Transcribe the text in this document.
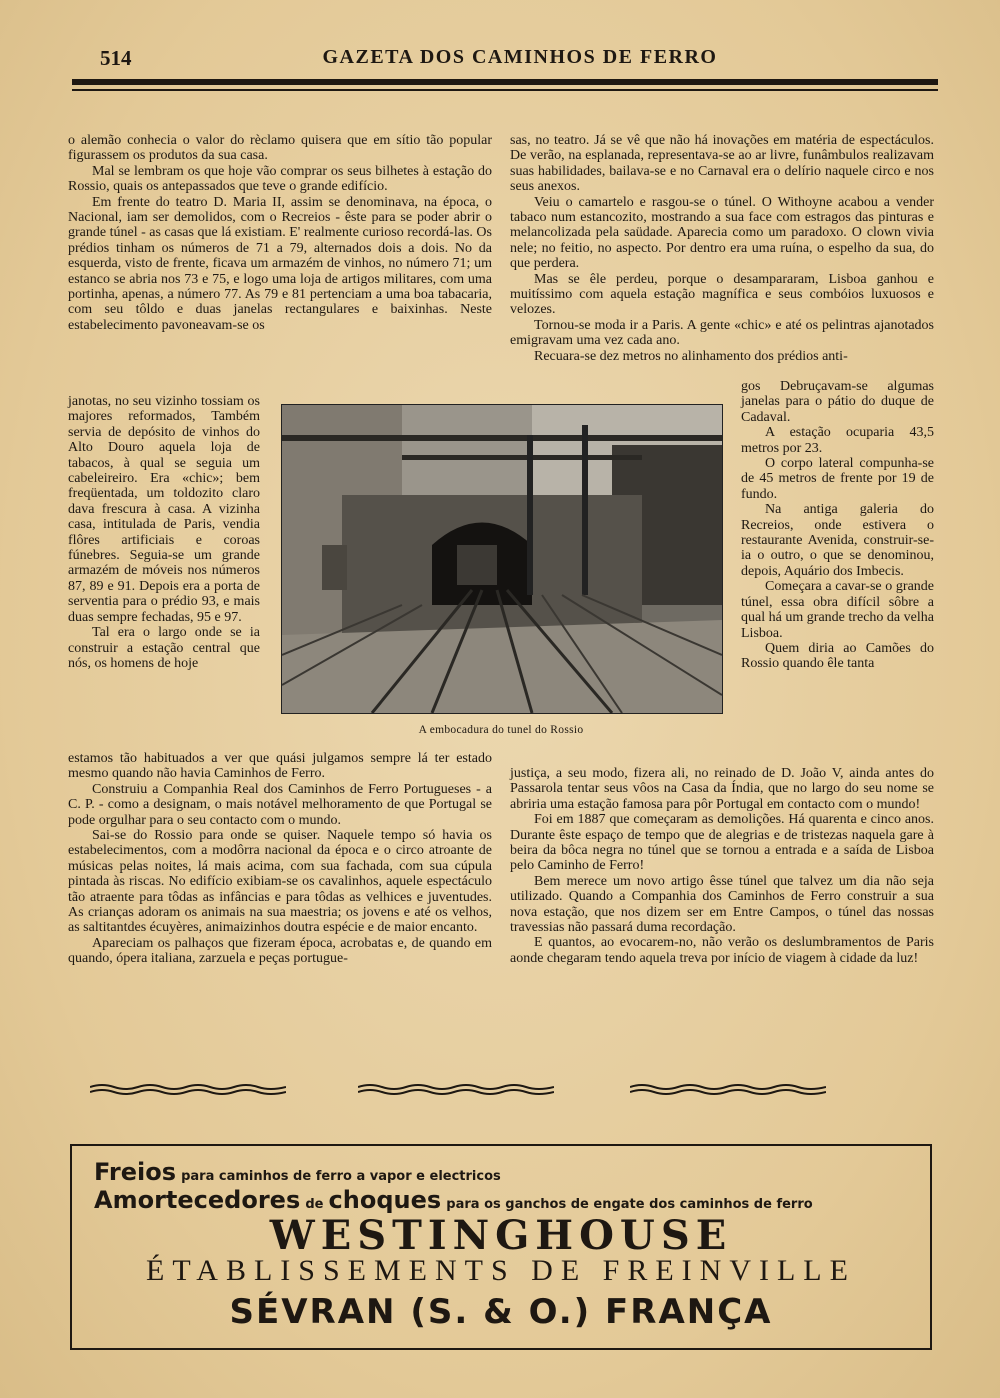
514	GAZETA DOS CAMINHOS DE FERRO

o alemão conhecia o valor do rèclamo quisera que em sítio tão popular figurassem os produtos da sua casa.

Mal se lembram os que hoje vão comprar os seus bilhetes à estação do Rossio, quais os antepassados que teve o grande edifício.

Em frente do teatro D. Maria II, assim se denominava, na época, o Nacional, iam ser demolidos, com o Recreios - êste para se poder abrir o grande túnel - as casas que lá existiam. E' realmente curioso recordá-las. Os prédios tinham os números de 71 a 79, alternados dois a dois. No da esquerda, visto de frente, ficava um armazém de vinhos, no número 71; um estanco se abria nos 73 e 75, e logo uma loja de artigos militares, com uma portinha, apenas, a número 77. As 79 e 81 pertenciam a uma boa tabacaria, com seu tôldo e duas janelas rectangulares e baixinhas. Neste estabelecimento pavoneavam-se os

janotas, no seu vizinho tossiam os majores reformados, Também servia de depósito de vinhos do Alto Douro aquela loja de tabacos, à qual se seguia um cabeleireiro. Era «chic»; bem freqüentada, um toldozito claro dava frescura à casa. A vizinha casa, intitulada de Paris, vendia flôres artificiais e coroas fúnebres. Seguia-se um grande armazém de móveis nos números 87, 89 e 91. Depois era a porta de serventia para o prédio 93, e mais duas sempre fechadas, 95 e 97.

Tal era o largo onde se ia construir a estação central que nós, os homens de hoje

estamos tão habituados a ver que quási julgamos sempre lá ter estado mesmo quando não havia Caminhos de Ferro.

Construiu a Companhia Real dos Caminhos de Ferro Portugueses - a C. P. - como a designam, o mais notável melhoramento de que Portugal se pode orgulhar para o seu contacto com o mundo.

Sai-se do Rossio para onde se quiser. Naquele tempo só havia os estabelecimentos, com a modôrra nacional da época e o circo atroante de músicas pelas noites, lá mais acima, com sua fachada, com sua cúpula pintada às riscas. No edifício exibiam-se os cavalinhos, aquele espectáculo tão atraente para tôdas as infâncias e para tôdas as velhices e juventudes. As crianças adoram os animais na sua maestria; os jovens e até os velhos, as saltitantdes écuyères, animaizinhos doutra espécie e de maior encanto.

Apareciam os palhaços que fizeram época, acrobatas e, de quando em quando, ópera italiana, zarzuela e peças portugue-

sas, no teatro. Já se vê que não há inovações em matéria de espectáculos. De verão, na esplanada, representava-se ao ar livre, funâmbulos realizavam suas habilidades, bailava-se e no Carnaval era o delírio naquele circo e nos seus anexos.

Veiu o camartelo e rasgou-se o túnel. O Withoyne acabou a vender tabaco num estancozito, mostrando a sua face com estragos das pinturas e melancolizada pela saüdade. Aparecia como um paradoxo. O clown vivia nele; no feitio, no aspecto. Por dentro era uma ruína, o espelho da sua, do que perdera.

Mas se êle perdeu, porque o desampararam, Lisboa ganhou e muitíssimo com aquela estação magnífica e seus combóios luxuosos e velozes.

Tornou-se moda ir a Paris. A gente «chic» e até os pelintras ajanotados emigravam uma vez cada ano.

Recuara-se dez metros no alinhamento dos prédios anti-

gos Debruçavam-se algumas janelas para o pátio do duque de Cadaval.

A estação ocuparia 43,5 metros por 23.

O corpo lateral compunha-se de 45 metros de frente por 19 de fundo.

Na antiga galeria do Recreios, onde estivera o restaurante Avenida, construir-se-ia o outro, o que se denominou, depois, Aquário dos Imbecis.

Começara a cavar-se o grande túnel, essa obra difícil sôbre a qual há um grande trecho da velha Lisboa.

Quem diria ao Camões do Rossio quando êle tanta

justiça, a seu modo, fizera ali, no reinado de D. João V, ainda antes do Passarola tentar seus vôos na Casa da Índia, que no largo do seu nome se abriria uma estação famosa para pôr Portugal em contacto com o mundo!

Foi em 1887 que começaram as demolições. Há quarenta e cinco anos. Durante êste espaço de tempo que de alegrias e de tristezas naquela gare à beira da bôca negra no túnel que se tornou a entrada e a saída de Lisboa pelo Caminho de Ferro!

Bem merece um novo artigo êsse túnel que talvez um dia não seja utilizado. Quando a Companhia dos Caminhos de Ferro construir a sua nova estação, que nos dizem ser em Entre Campos, o túnel das nossas travessias não passará duma recordação.

E quantos, ao evocarem-no, não verão os deslumbramentos de Paris aonde chegaram tendo aquela treva por início de viagem à cidade da luz!

A embocadura do tunel do Rossio
Freios para caminhos de ferro a vapor e electricos
Amortecedores de choques para os ganchos de engate dos caminhos de ferro
WESTINGHOUSE
ÉTABLISSEMENTS DE FREINVILLE
SÉVRAN (S. & O.) FRANÇA
